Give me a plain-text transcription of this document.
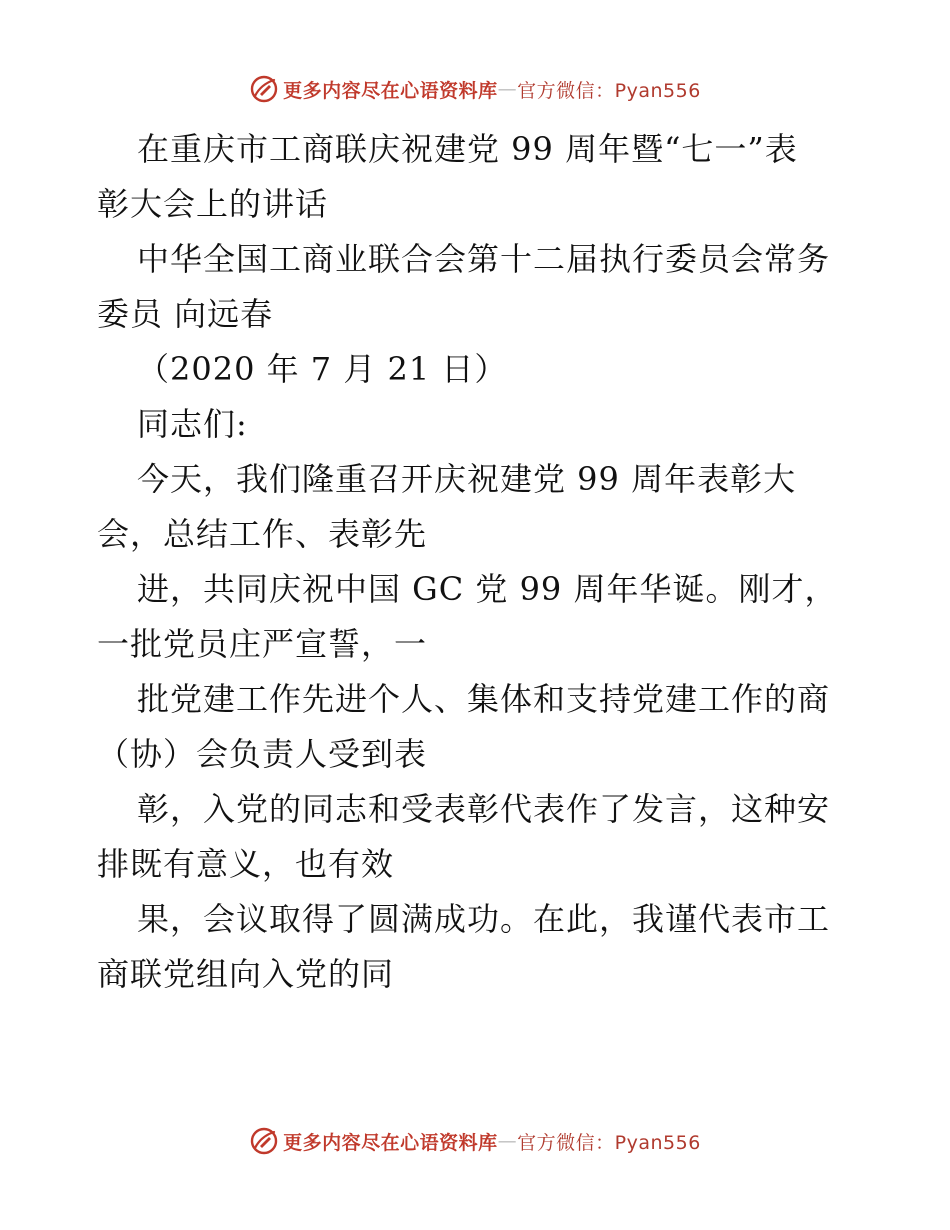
更多内容尽在心语资料库 — 官方微信：Pyan556
在重庆市工商联庆祝建党 99 周年暨“七一”表
彰大会上的讲话
中华全国工商业联合会第十二届执行委员会常务
委员 向远春
（2020 年 7 月 21 日）
同志们:
今天，我们隆重召开庆祝建党 99 周年表彰大
会，总结工作、表彰先
进，共同庆祝中国 GC 党 99 周年华诞。刚才，
一批党员庄严宣誓，一
批党建工作先进个人、集体和支持党建工作的商
（协）会负责人受到表
彰，入党的同志和受表彰代表作了发言，这种安
排既有意义，也有效
果，会议取得了圆满成功。在此，我谨代表市工
商联党组向入党的同
更多内容尽在心语资料库 — 官方微信：Pyan556
